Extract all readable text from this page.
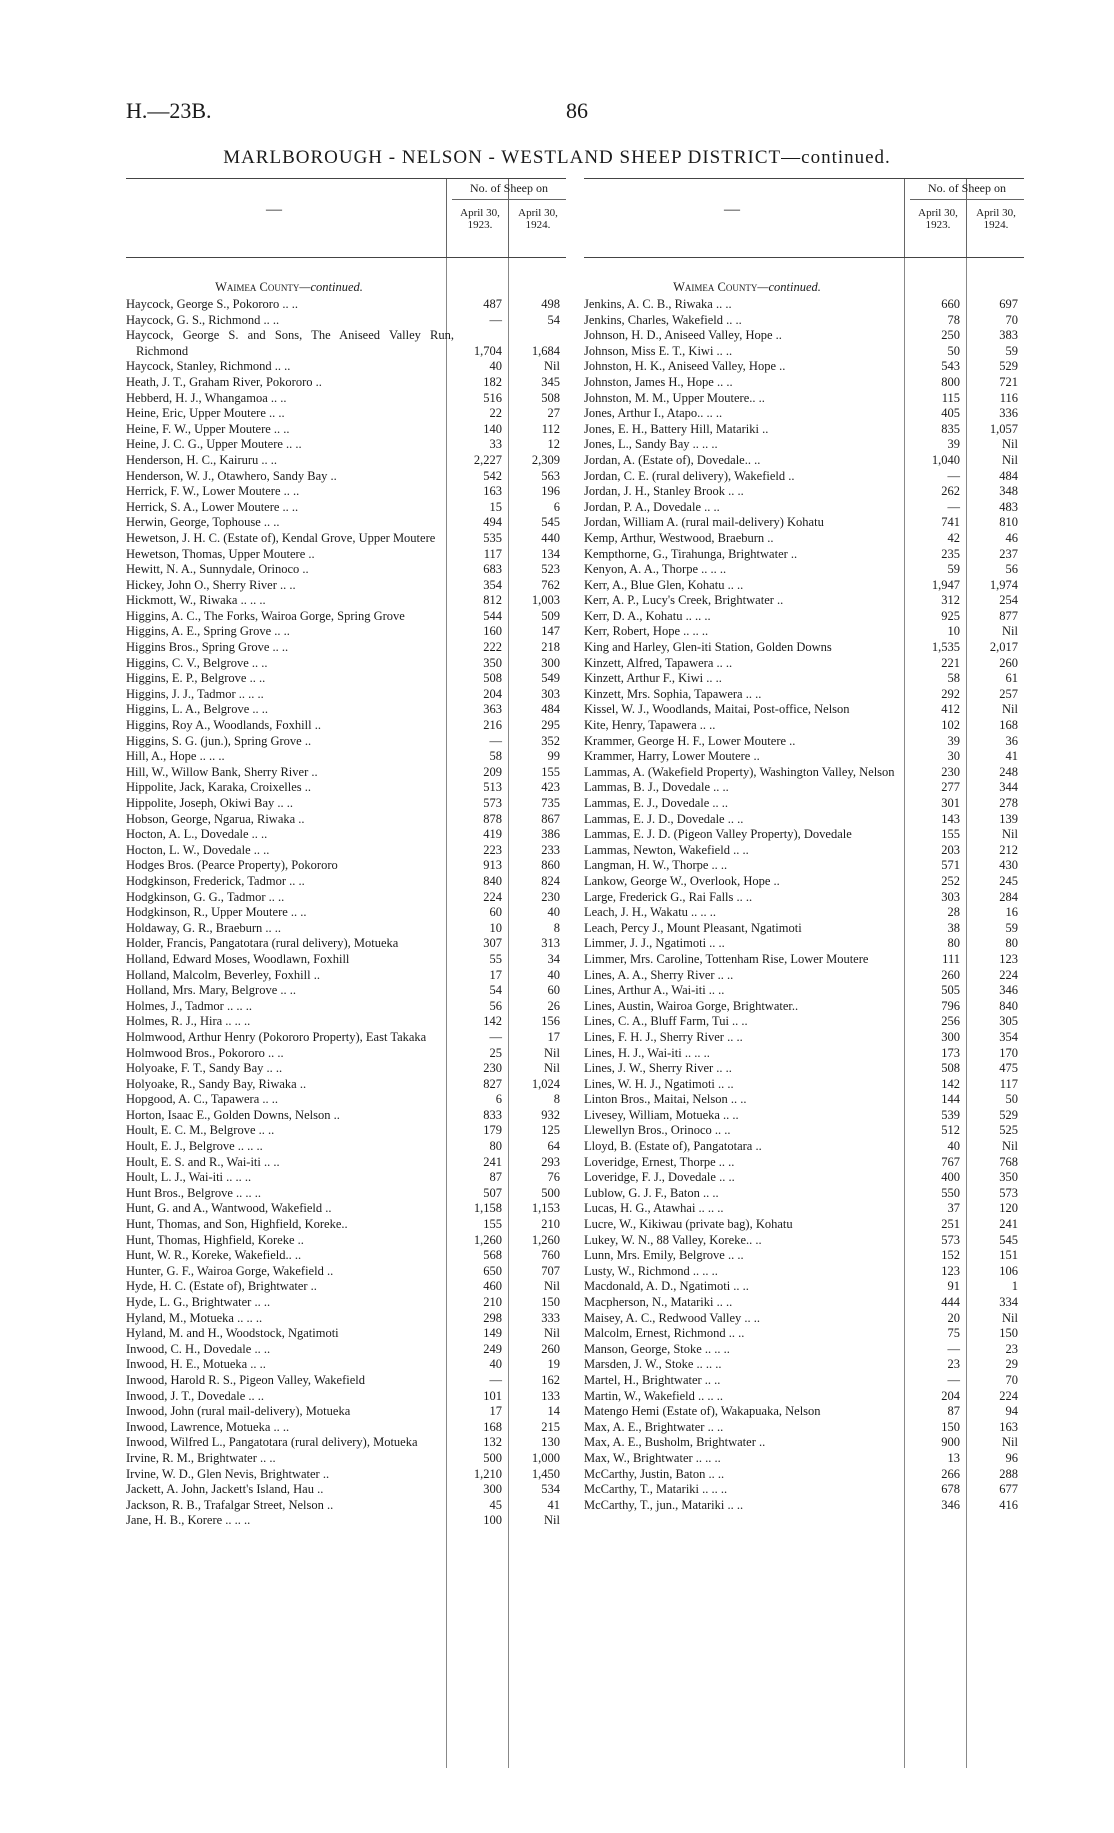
H.—23B.	86
MARLBOROUGH - NELSON - WESTLAND SHEEP DISTRICT—continued.
—
No. of Sheep on
April 30, 1923.
April 30, 1924.
Waimea County—continued.
Haycock, George S., Pokororo .. ..	487	498
Haycock, G. S., Richmond .. ..	—	54
Haycock, George S. and Sons, The Aniseed Valley Run, Richmond	1,704	1,684
Haycock, Stanley, Richmond .. ..	40	Nil
Heath, J. T., Graham River, Pokororo ..	182	345
Hebberd, H. J., Whangamoa .. ..	516	508
Heine, Eric, Upper Moutere .. ..	22	27
Heine, F. W., Upper Moutere .. ..	140	112
Heine, J. C. G., Upper Moutere .. ..	33	12
Henderson, H. C., Kairuru .. ..	2,227	2,309
Henderson, W. J., Otawhero, Sandy Bay ..	542	563
Herrick, F. W., Lower Moutere .. ..	163	196
Herrick, S. A., Lower Moutere .. ..	15	6
Herwin, George, Tophouse .. ..	494	545
Hewetson, J. H. C. (Estate of), Kendal Grove, Upper Moutere	535	440
Hewetson, Thomas, Upper Moutere ..	117	134
Hewitt, N. A., Sunnydale, Orinoco ..	683	523
Hickey, John O., Sherry River .. ..	354	762
Hickmott, W., Riwaka .. .. ..	812	1,003
Higgins, A. C., The Forks, Wairoa Gorge, Spring Grove	544	509
Higgins, A. E., Spring Grove .. ..	160	147
Higgins Bros., Spring Grove .. ..	222	218
Higgins, C. V., Belgrove .. ..	350	300
Higgins, E. P., Belgrove .. ..	508	549
Higgins, J. J., Tadmor .. .. ..	204	303
Higgins, L. A., Belgrove .. ..	363	484
Higgins, Roy A., Woodlands, Foxhill ..	216	295
Higgins, S. G. (jun.), Spring Grove ..	—	352
Hill, A., Hope .. .. ..	58	99
Hill, W., Willow Bank, Sherry River ..	209	155
Hippolite, Jack, Karaka, Croixelles ..	513	423
Hippolite, Joseph, Okiwi Bay .. ..	573	735
Hobson, George, Ngarua, Riwaka ..	878	867
Hocton, A. L., Dovedale .. ..	419	386
Hocton, L. W., Dovedale .. ..	223	233
Hodges Bros. (Pearce Property), Pokororo	913	860
Hodgkinson, Frederick, Tadmor .. ..	840	824
Hodgkinson, G. G., Tadmor .. ..	224	230
Hodgkinson, R., Upper Moutere .. ..	60	40
Holdaway, G. R., Braeburn .. ..	10	8
Holder, Francis, Pangatotara (rural delivery), Motueka	307	313
Holland, Edward Moses, Woodlawn, Foxhill	55	34
Holland, Malcolm, Beverley, Foxhill ..	17	40
Holland, Mrs. Mary, Belgrove .. ..	54	60
Holmes, J., Tadmor .. .. ..	56	26
Holmes, R. J., Hira .. .. ..	142	156
Holmwood, Arthur Henry (Pokororo Property), East Takaka	—	17
Holmwood Bros., Pokororo .. ..	25	Nil
Holyoake, F. T., Sandy Bay .. ..	230	Nil
Holyoake, R., Sandy Bay, Riwaka ..	827	1,024
Hopgood, A. C., Tapawera .. ..	6	8
Horton, Isaac E., Golden Downs, Nelson ..	833	932
Hoult, E. C. M., Belgrove .. ..	179	125
Hoult, E. J., Belgrove .. .. ..	80	64
Hoult, E. S. and R., Wai-iti .. ..	241	293
Hoult, L. J., Wai-iti .. .. ..	87	76
Hunt Bros., Belgrove .. .. ..	507	500
Hunt, G. and A., Wantwood, Wakefield ..	1,158	1,153
Hunt, Thomas, and Son, Highfield, Koreke..	155	210
Hunt, Thomas, Highfield, Koreke ..	1,260	1,260
Hunt, W. R., Koreke, Wakefield.. ..	568	760
Hunter, G. F., Wairoa Gorge, Wakefield ..	650	707
Hyde, H. C. (Estate of), Brightwater ..	460	Nil
Hyde, L. G., Brightwater .. ..	210	150
Hyland, M., Motueka .. .. ..	298	333
Hyland, M. and H., Woodstock, Ngatimoti	149	Nil
Inwood, C. H., Dovedale .. ..	249	260
Inwood, H. E., Motueka .. ..	40	19
Inwood, Harold R. S., Pigeon Valley, Wakefield	—	162
Inwood, J. T., Dovedale .. ..	101	133
Inwood, John (rural mail-delivery), Motueka	17	14
Inwood, Lawrence, Motueka .. ..	168	215
Inwood, Wilfred L., Pangatotara (rural delivery), Motueka	132	130
Irvine, R. M., Brightwater .. ..	500	1,000
Irvine, W. D., Glen Nevis, Brightwater ..	1,210	1,450
Jackett, A. John, Jackett's Island, Hau ..	300	534
Jackson, R. B., Trafalgar Street, Nelson ..	45	41
Jane, H. B., Korere .. .. ..	100	Nil
—
No. of Sheep on
April 30, 1923.
April 30, 1924.
Waimea County—continued.
Jenkins, A. C. B., Riwaka .. ..	660	697
Jenkins, Charles, Wakefield .. ..	78	70
Johnson, H. D., Aniseed Valley, Hope ..	250	383
Johnson, Miss E. T., Kiwi .. ..	50	59
Johnston, H. K., Aniseed Valley, Hope ..	543	529
Johnston, James H., Hope .. ..	800	721
Johnston, M. M., Upper Moutere.. ..	115	116
Jones, Arthur I., Atapo.. .. ..	405	336
Jones, E. H., Battery Hill, Matariki ..	835	1,057
Jones, L., Sandy Bay .. .. ..	39	Nil
Jordan, A. (Estate of), Dovedale.. ..	1,040	Nil
Jordan, C. E. (rural delivery), Wakefield ..	—	484
Jordan, J. H., Stanley Brook .. ..	262	348
Jordan, P. A., Dovedale .. ..	—	483
Jordan, William A. (rural mail-delivery) Kohatu	741	810
Kemp, Arthur, Westwood, Braeburn ..	42	46
Kempthorne, G., Tirahunga, Brightwater ..	235	237
Kenyon, A. A., Thorpe .. .. ..	59	56
Kerr, A., Blue Glen, Kohatu .. ..	1,947	1,974
Kerr, A. P., Lucy's Creek, Brightwater ..	312	254
Kerr, D. A., Kohatu .. .. ..	925	877
Kerr, Robert, Hope .. .. ..	10	Nil
King and Harley, Glen-iti Station, Golden Downs	1,535	2,017
Kinzett, Alfred, Tapawera .. ..	221	260
Kinzett, Arthur F., Kiwi .. ..	58	61
Kinzett, Mrs. Sophia, Tapawera .. ..	292	257
Kissel, W. J., Woodlands, Maitai, Post-office, Nelson	412	Nil
Kite, Henry, Tapawera .. ..	102	168
Krammer, George H. F., Lower Moutere ..	39	36
Krammer, Harry, Lower Moutere ..	30	41
Lammas, A. (Wakefield Property), Washington Valley, Nelson	230	248
Lammas, B. J., Dovedale .. ..	277	344
Lammas, E. J., Dovedale .. ..	301	278
Lammas, E. J. D., Dovedale .. ..	143	139
Lammas, E. J. D. (Pigeon Valley Property), Dovedale	155	Nil
Lammas, Newton, Wakefield .. ..	203	212
Langman, H. W., Thorpe .. ..	571	430
Lankow, George W., Overlook, Hope ..	252	245
Large, Frederick G., Rai Falls .. ..	303	284
Leach, J. H., Wakatu .. .. ..	28	16
Leach, Percy J., Mount Pleasant, Ngatimoti	38	59
Limmer, J. J., Ngatimoti .. ..	80	80
Limmer, Mrs. Caroline, Tottenham Rise, Lower Moutere	111	123
Lines, A. A., Sherry River .. ..	260	224
Lines, Arthur A., Wai-iti .. ..	505	346
Lines, Austin, Wairoa Gorge, Brightwater..	796	840
Lines, C. A., Bluff Farm, Tui .. ..	256	305
Lines, F. H. J., Sherry River .. ..	300	354
Lines, H. J., Wai-iti .. .. ..	173	170
Lines, J. W., Sherry River .. ..	508	475
Lines, W. H. J., Ngatimoti .. ..	142	117
Linton Bros., Maitai, Nelson .. ..	144	50
Livesey, William, Motueka .. ..	539	529
Llewellyn Bros., Orinoco .. ..	512	525
Lloyd, B. (Estate of), Pangatotara ..	40	Nil
Loveridge, Ernest, Thorpe .. ..	767	768
Loveridge, F. J., Dovedale .. ..	400	350
Lublow, G. J. F., Baton .. ..	550	573
Lucas, H. G., Atawhai .. .. ..	37	120
Lucre, W., Kikiwau (private bag), Kohatu	251	241
Lukey, W. N., 88 Valley, Koreke.. ..	573	545
Lunn, Mrs. Emily, Belgrove .. ..	152	151
Lusty, W., Richmond .. .. ..	123	106
Macdonald, A. D., Ngatimoti .. ..	91	1
Macpherson, N., Matariki .. ..	444	334
Maisey, A. C., Redwood Valley .. ..	20	Nil
Malcolm, Ernest, Richmond .. ..	75	150
Manson, George, Stoke .. .. ..	—	23
Marsden, J. W., Stoke .. .. ..	23	29
Martel, H., Brightwater .. ..	—	70
Martin, W., Wakefield .. .. ..	204	224
Matengo Hemi (Estate of), Wakapuaka, Nelson	87	94
Max, A. E., Brightwater .. ..	150	163
Max, A. E., Busholm, Brightwater ..	900	Nil
Max, W., Brightwater .. .. ..	13	96
McCarthy, Justin, Baton .. ..	266	288
McCarthy, T., Matariki .. .. ..	678	677
McCarthy, T., jun., Matariki .. ..	346	416
